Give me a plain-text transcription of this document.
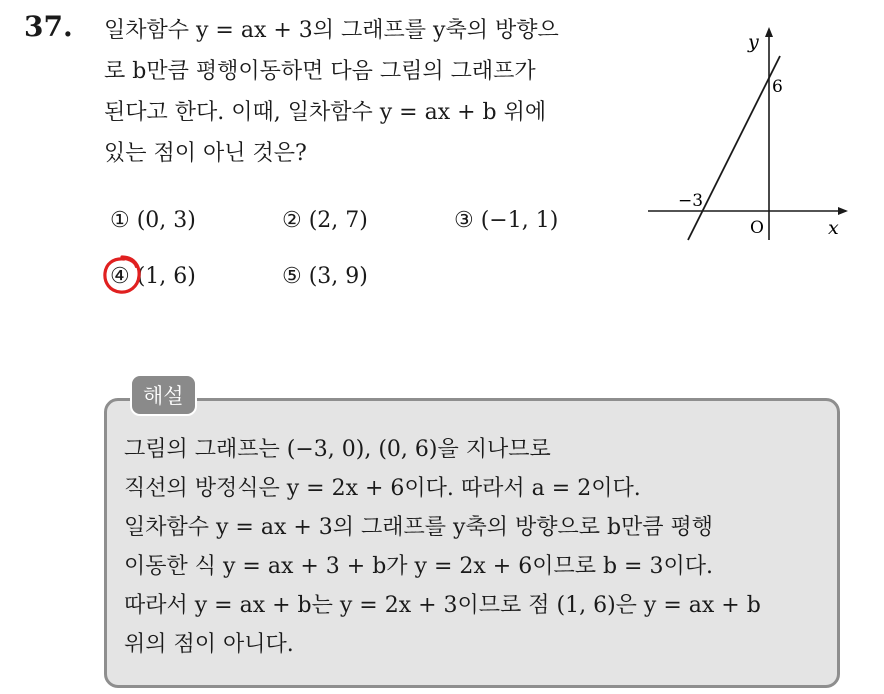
37. 일차함수 y = ax + 3의 그래프를 y축의 방향으
로 b만큼 평행이동하면 다음 그림의 그래프가
된다고 한다. 이때, 일차함수 y = ax + b 위에
있는 점이 아닌 것은?
① (0, 3)	② (2, 7)	③ (−1, 1)
④ (1, 6)	⑤ (3, 9)
y
6
−3
O	x
해설
그림의 그래프는 (−3, 0), (0, 6)을 지나므로
직선의 방정식은 y = 2x + 6이다. 따라서 a = 2이다.
일차함수 y = ax + 3의 그래프를 y축의 방향으로 b만큼 평행
이동한 식 y = ax + 3 + b가 y = 2x + 6이므로 b = 3이다.
따라서 y = ax + b는 y = 2x + 3이므로 점 (1, 6)은 y = ax + b
위의 점이 아니다.
